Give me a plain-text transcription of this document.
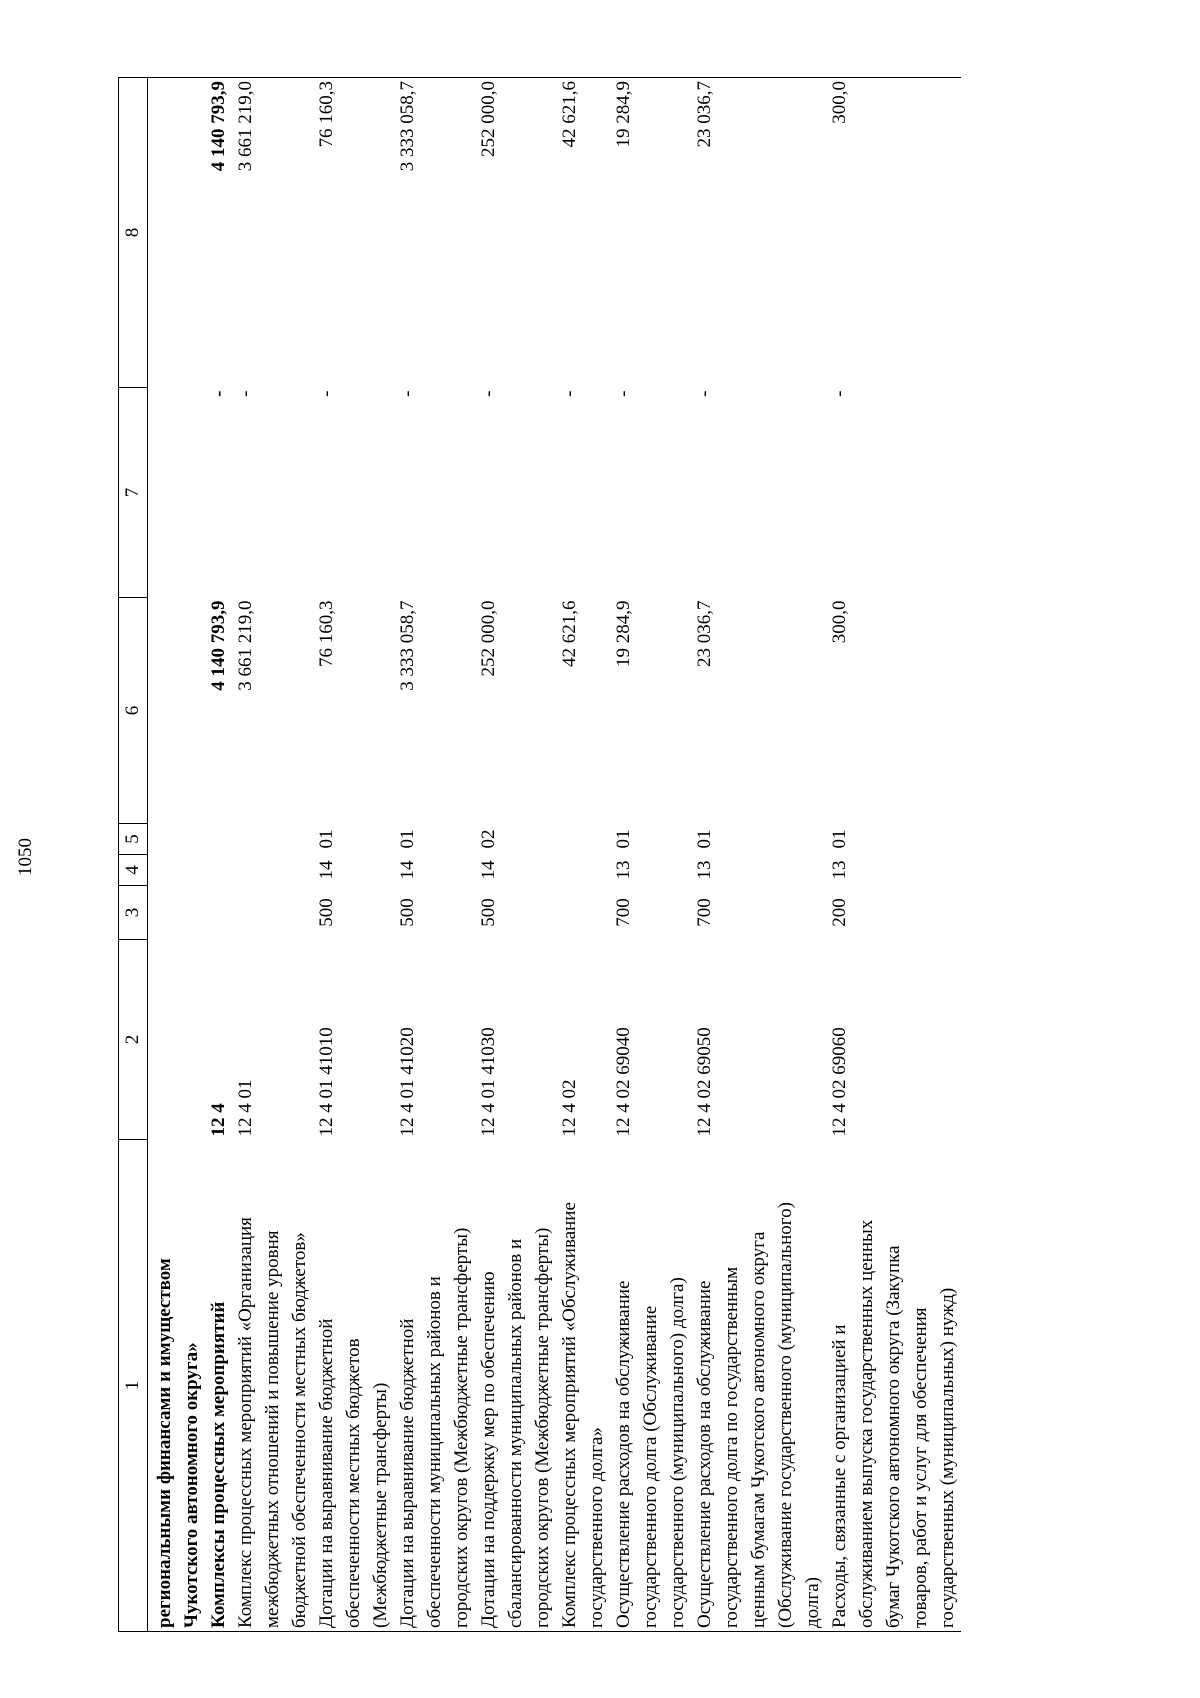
1050
1	2	3	4	5	6	7	8

региональными финансами и имуществом Чукотского автономного округа»							

Комплексы процессных мероприятий	12 4				4 140 793,9	-	4 140 793,9

Комплекс процессных мероприятий «Организация межбюджетных отношений и повышение уровня бюджетной обеспеченности местных бюджетов»	12 4 01				3 661 219,0	-	3 661 219,0

Дотации на выравнивание бюджетной обеспеченности местных бюджетов (Межбюджетные трансферты)	12 4 01 41010	500	14	01	76 160,3	-	76 160,3

Дотации на выравнивание бюджетной обеспеченности муниципальных районов и городских округов (Межбюджетные трансферты)	12 4 01 41020	500	14	01	3 333 058,7	-	3 333 058,7

Дотации на поддержку мер по обеспечению сбалансированности муниципальных районов и городских округов (Межбюджетные трансферты)	12 4 01 41030	500	14	02	252 000,0	-	252 000,0

Комплекс процессных мероприятий «Обслуживание государственного долга»	12 4 02				42 621,6	-	42 621,6

Осуществление расходов на обслуживание государственного долга (Обслуживание государственного (муниципального) долга)	12 4 02 69040	700	13	01	19 284,9	-	19 284,9

Осуществление расходов на обслуживание государственного долга по государственным ценным бумагам Чукотского автономного округа (Обслуживание государственного (муниципального) долга)	12 4 02 69050	700	13	01	23 036,7	-	23 036,7

Расходы, связанные с организацией и обслуживанием выпуска государственных ценных бумаг Чукотского автономного округа (Закупка товаров, работ и услуг для обеспечения государственных (муниципальных) нужд)	12 4 02 69060	200	13	01	300,0	-	300,0
